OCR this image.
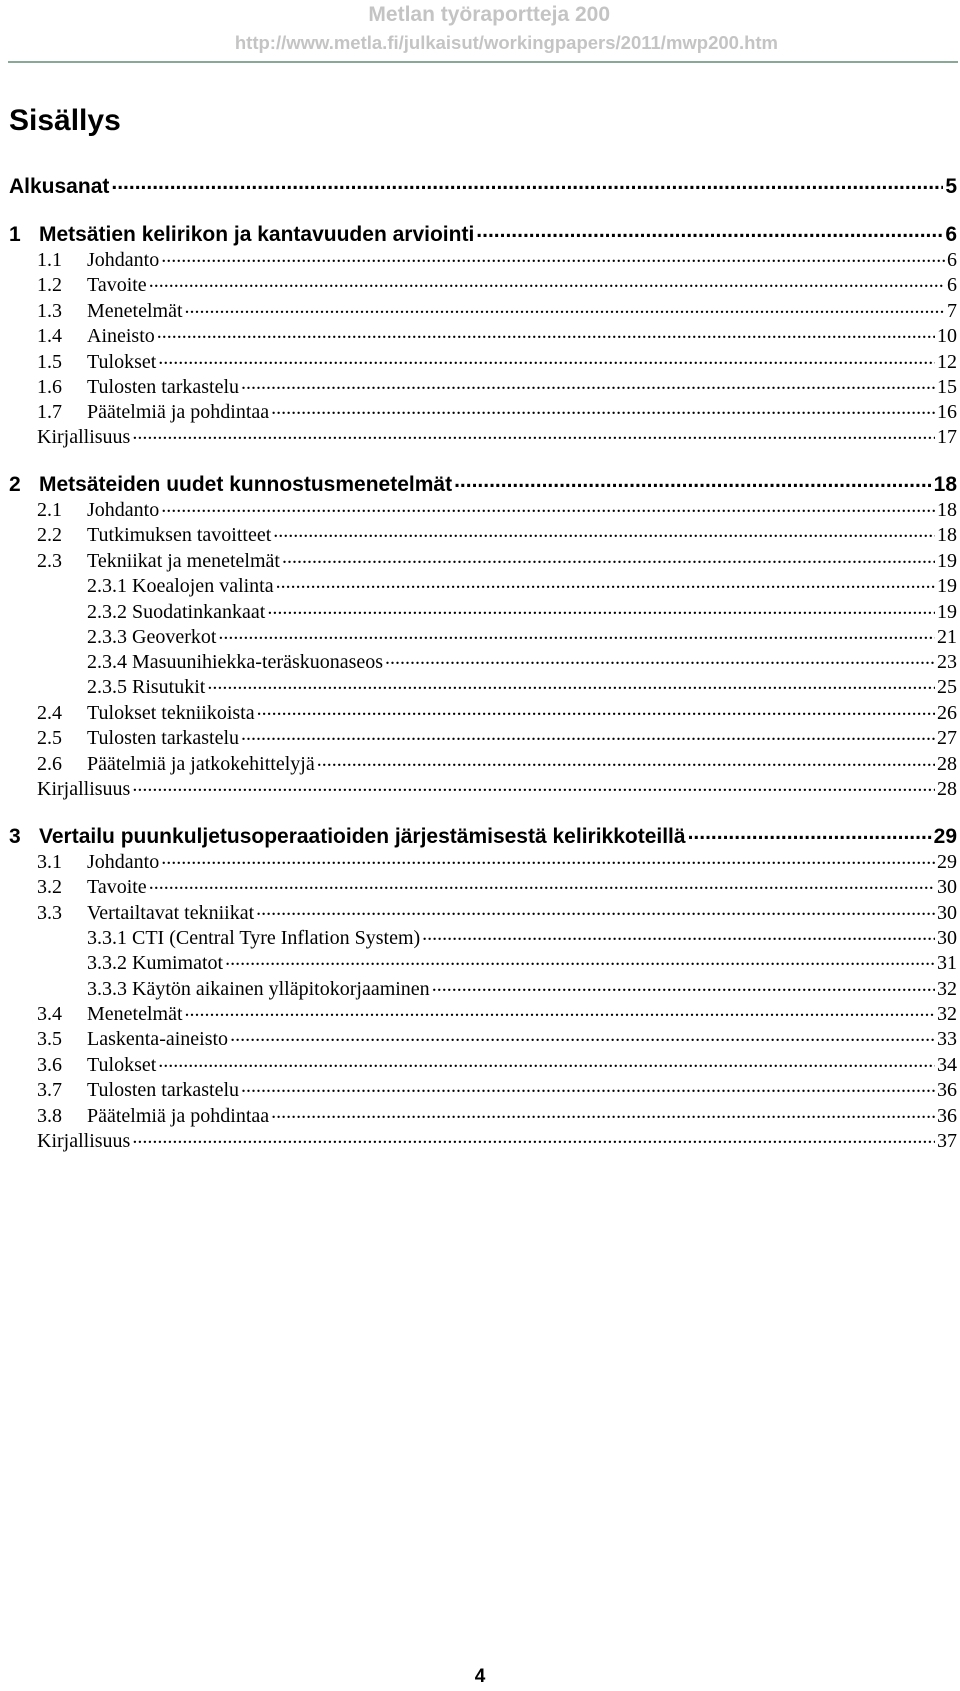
Metlan työraportteja 200
http://www.metla.fi/julkaisut/workingpapers/2011/mwp200.htm
Sisällys
Alkusanat .....	5
1 Metsätien kelirikon ja kantavuuden arviointi .....	6
1.1	Johdanto .....	6
1.2	Tavoite .....	6
1.3	Menetelmät .....	7
1.4	Aineisto .....	10
1.5	Tulokset .....	12
1.6	Tulosten tarkastelu .....	15
1.7	Päätelmiä ja pohdintaa .....	16
Kirjallisuus .....	17
2 Metsäteiden uudet kunnostusmenetelmät .....	18
2.1	Johdanto .....	18
2.2	Tutkimuksen tavoitteet .....	18
2.3	Tekniikat ja menetelmät .....	19
2.3.1 Koealojen valinta .....	19
2.3.2 Suodatinkankaat .....	19
2.3.3 Geoverkot .....	21
2.3.4 Masuunihiekka-teräskuonaseos .....	23
2.3.5 Risutukit .....	25
2.4	Tulokset tekniikoista .....	26
2.5	Tulosten tarkastelu .....	27
2.6	Päätelmiä ja jatkokehittelyjä .....	28
Kirjallisuus .....	28
3 Vertailu puunkuljetusoperaatioiden järjestämisestä kelirikkoteillä .....	29
3.1	Johdanto .....	29
3.2	Tavoite .....	30
3.3	Vertailtavat tekniikat .....	30
3.3.1 CTI (Central Tyre Inflation System) .....	30
3.3.2 Kumimatot .....	31
3.3.3 Käytön aikainen ylläpitokorjaaminen .....	32
3.4	Menetelmät .....	32
3.5	Laskenta-aineisto .....	33
3.6	Tulokset .....	34
3.7	Tulosten tarkastelu .....	36
3.8	Päätelmiä ja pohdintaa .....	36
Kirjallisuus .....	37
4
